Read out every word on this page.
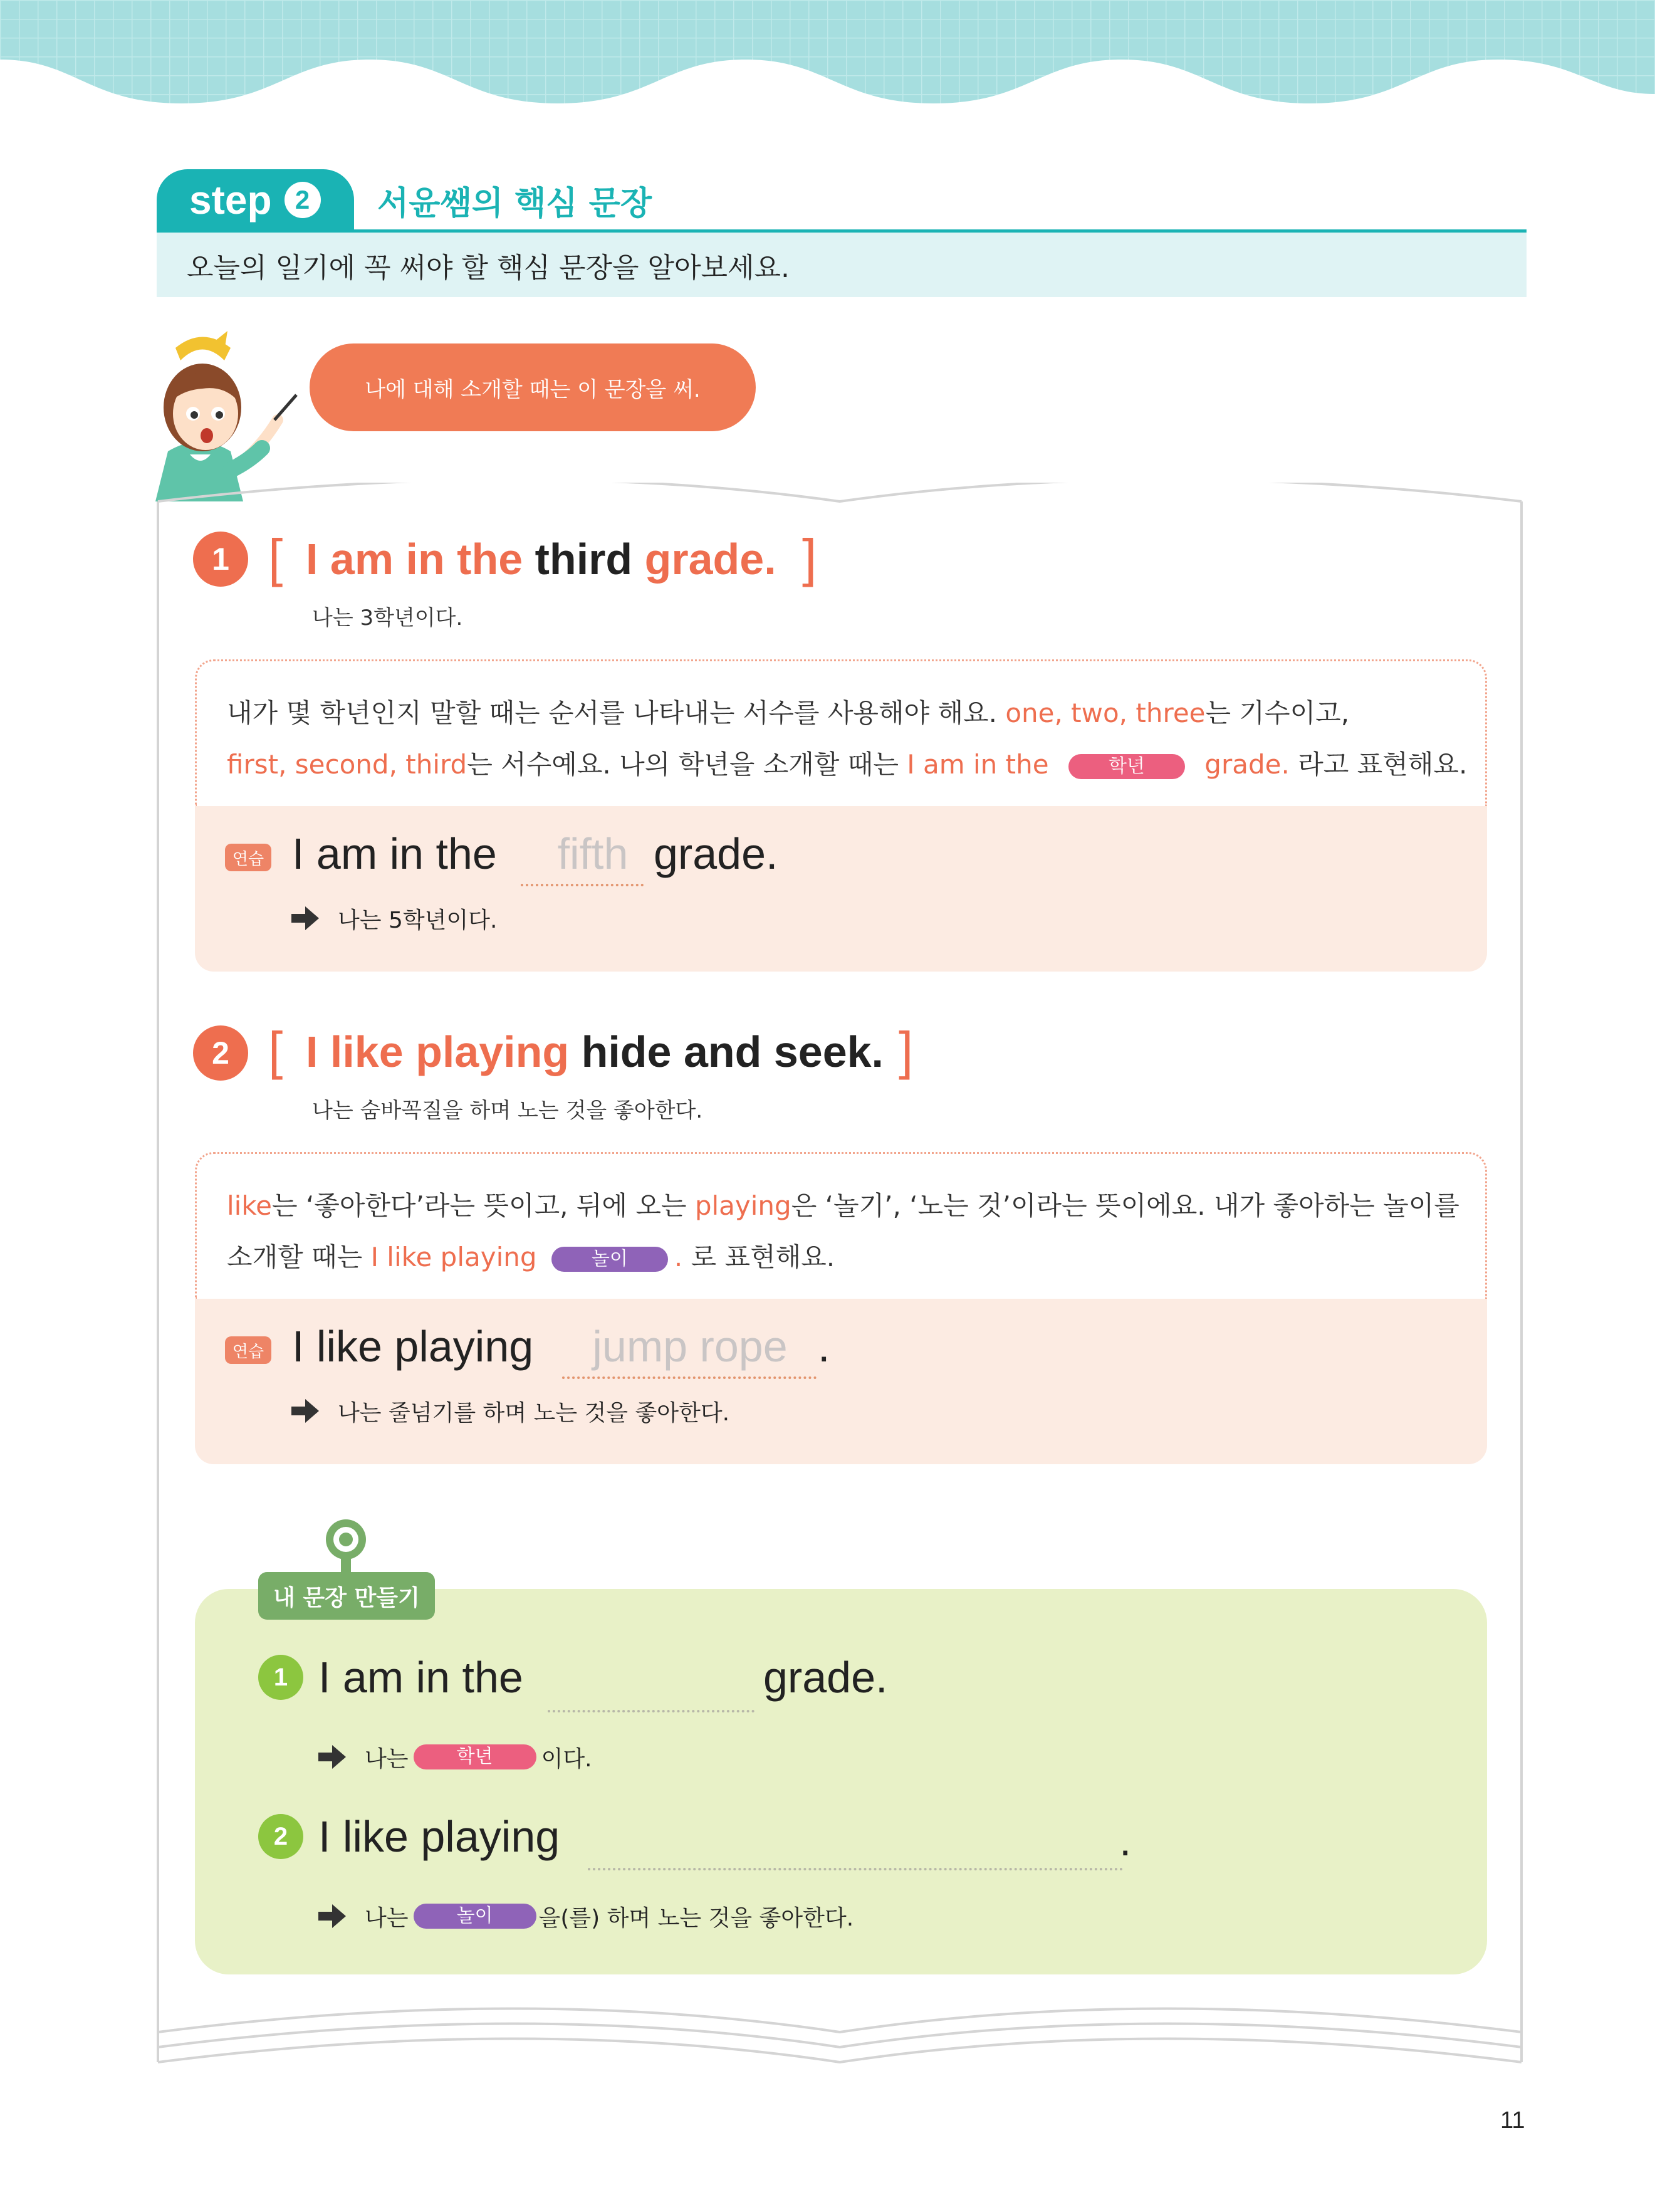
step 2	서윤쌤의 핵심 문장
오늘의 일기에 꼭 써야 할 핵심 문장을 알아보세요.
나에 대해 소개할 때는 이 문장을 써.
1 [ I am in the third grade. ]
나는 3학년이다.
내가 몇 학년인지 말할 때는 순서를 나타내는 서수를 사용해야 해요. one, two, three는 기수이고,
first, second, third는 서수예요. 나의 학년을 소개할 때는 I am in the	학년 grade. 라고 표현해요.
연습 I am in the	fifth grade.
나는 5학년이다.
2 [ I like playing hide and seek. ]
나는 숨바꼭질을 하며 노는 것을 좋아한다.
like는 ‘좋아한다’라는 뜻이고, 뒤에 오는 playing은 ‘놀기’, ‘노는 것’이라는 뜻이에요. 내가 좋아하는 놀이를
소개할 때는 I like playing	놀이 . 로 표현해요.
연습 I like playing	jump rope .
나는 줄넘기를 하며 노는 것을 좋아한다.
내 문장 만들기
1 I am in the	grade.
나는	학년	이다.
2 I like playing	.
나는	놀이	을(를) 하며 노는 것을 좋아한다.
11
